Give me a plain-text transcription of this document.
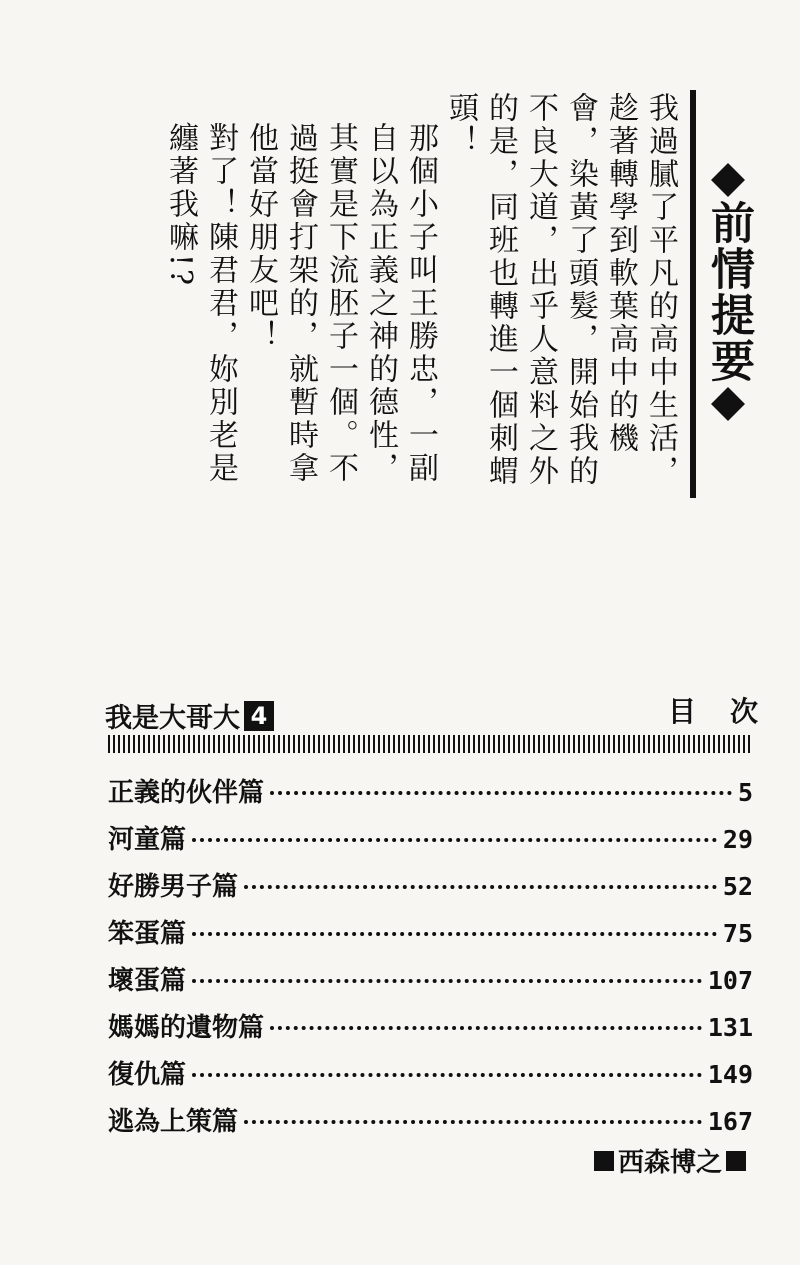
前情提要

我過膩了平凡的高中生活，趁著轉學到軟葉高中的機會，染黃了頭髮，開始我的不良大道，出乎人意料之外的是，同班也轉進一個刺蝟頭！

那個小子叫王勝忠，一副自以為正義之神的德性，其實是下流胚子一個。不過挺會打架的，就暫時拿他當好朋友吧！

對了！陳君君，妳別老是纏著我嘛!?

我是大哥大 4	目次
正義的伙伴篇	5
河童篇	29
好勝男子篇	52
笨蛋篇	75
壞蛋篇	107
媽媽的遺物篇	131
復仇篇	149
逃為上策篇	167
西森博之
